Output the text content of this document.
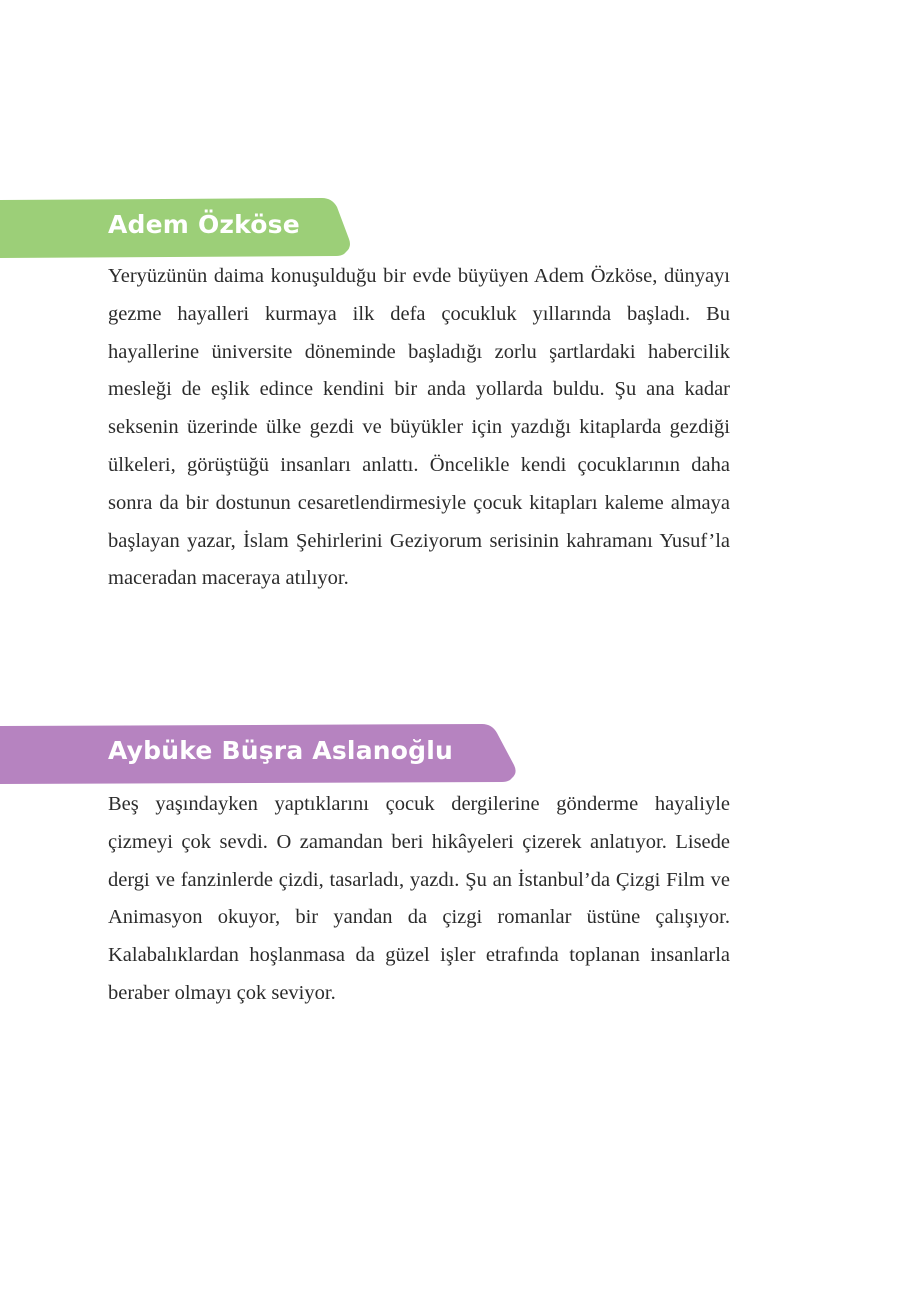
Adem Özköse

Yeryüzünün daima konuşulduğu bir evde büyüyen Adem Özköse, dünyayı gezme hayalleri kurmaya ilk defa çocukluk yıllarında başladı. Bu hayallerine üniversite döneminde başladığı zorlu şartlardaki habercilik mesleği de eşlik edince kendini bir anda yollarda buldu. Şu ana kadar seksenin üzerinde ülke gezdi ve büyükler için yazdığı kitaplarda gezdiği ülkeleri, görüştüğü insanları anlattı. Öncelikle kendi çocuklarının daha sonra da bir dostunun cesaretlendirmesiyle çocuk kitapları kaleme almaya başlayan yazar, İslam Şehirlerini Geziyorum serisinin kahramanı Yusuf’la maceradan maceraya atılıyor.

Aybüke Büşra Aslanoğlu

Beş yaşındayken yaptıklarını çocuk dergilerine gönderme hayaliyle çizmeyi çok sevdi. O zamandan beri hikâyeleri çizerek anlatıyor. Lisede dergi ve fanzinlerde çizdi, tasarladı, yazdı. Şu an İstanbul’da Çizgi Film ve Animasyon okuyor, bir yandan da çizgi romanlar üstüne çalışıyor. Kalabalıklardan hoşlanmasa da güzel işler etrafında toplanan insanlarla beraber olmayı çok seviyor.
